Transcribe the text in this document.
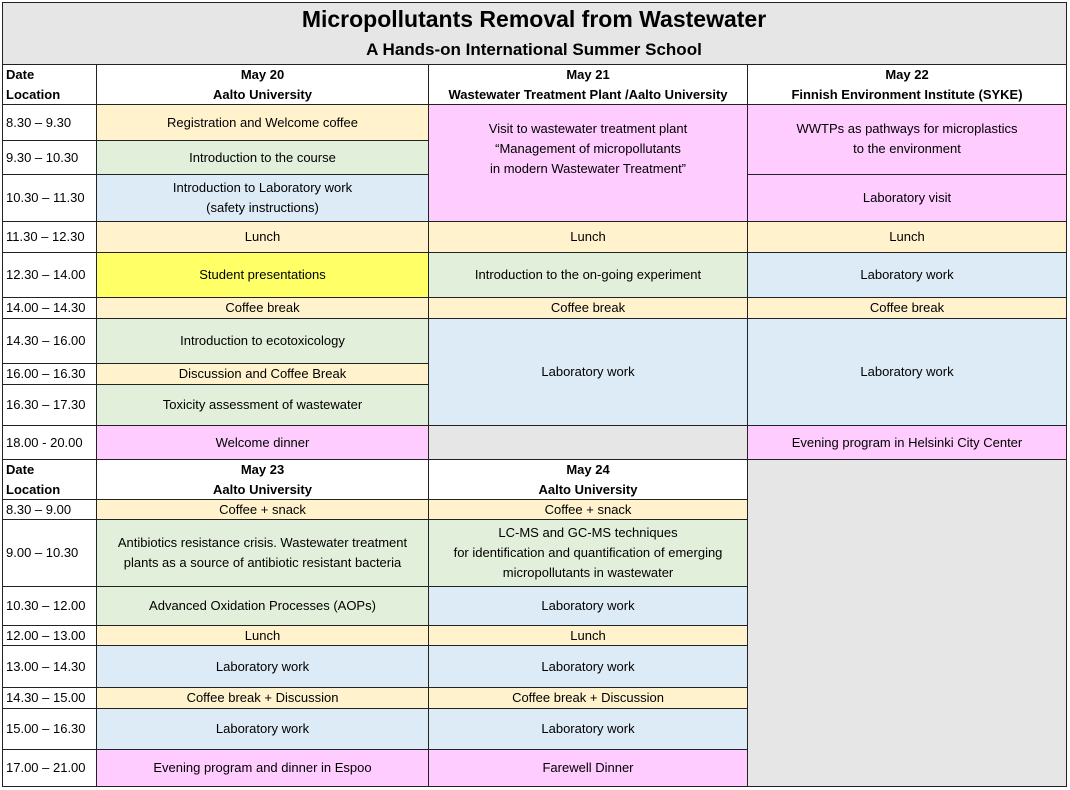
Micropollutants Removal from Wastewater
A Hands-on International Summer School
Date
Location
May 20
Aalto University
May 21
Wastewater Treatment Plant /Aalto University
May 22
Finnish Environment Institute (SYKE)
8.30 – 9.30
9.30 – 10.30
10.30 – 11.30
11.30 – 12.30
12.30 – 14.00
14.00 – 14.30
14.30 – 16.00
16.00 – 16.30
16.30 – 17.30
18.00 - 20.00
Registration and Welcome coffee
Introduction to the course
Introduction to Laboratory work
(safety instructions)
Lunch
Student presentations
Coffee break
Introduction to ecotoxicology
Discussion and Coffee Break
Toxicity assessment of wastewater
Welcome dinner
Visit to wastewater treatment plant
“Management of micropollutants
in modern Wastewater Treatment”
Lunch
Introduction to the on-going experiment
Coffee break
Laboratory work
WWTPs as pathways for microplastics
to the environment
Laboratory visit
Lunch
Laboratory work
Coffee break
Laboratory work
Evening program in Helsinki City Center
Date
Location
May 23
Aalto University
May 24
Aalto University
8.30 – 9.00
9.00 – 10.30
10.30 – 12.00
12.00 – 13.00
13.00 – 14.30
14.30 – 15.00
15.00 – 16.30
17.00 – 21.00
Coffee + snack
Antibiotics resistance crisis. Wastewater treatment
plants as a source of antibiotic resistant bacteria
Advanced Oxidation Processes (AOPs)
Lunch
Laboratory work
Coffee break + Discussion
Laboratory work
Evening program and dinner in Espoo
Coffee + snack
LC-MS and GC-MS techniques
for identification and quantification of emerging
micropollutants in wastewater
Laboratory work
Lunch
Laboratory work
Coffee break + Discussion
Laboratory work
Farewell Dinner
